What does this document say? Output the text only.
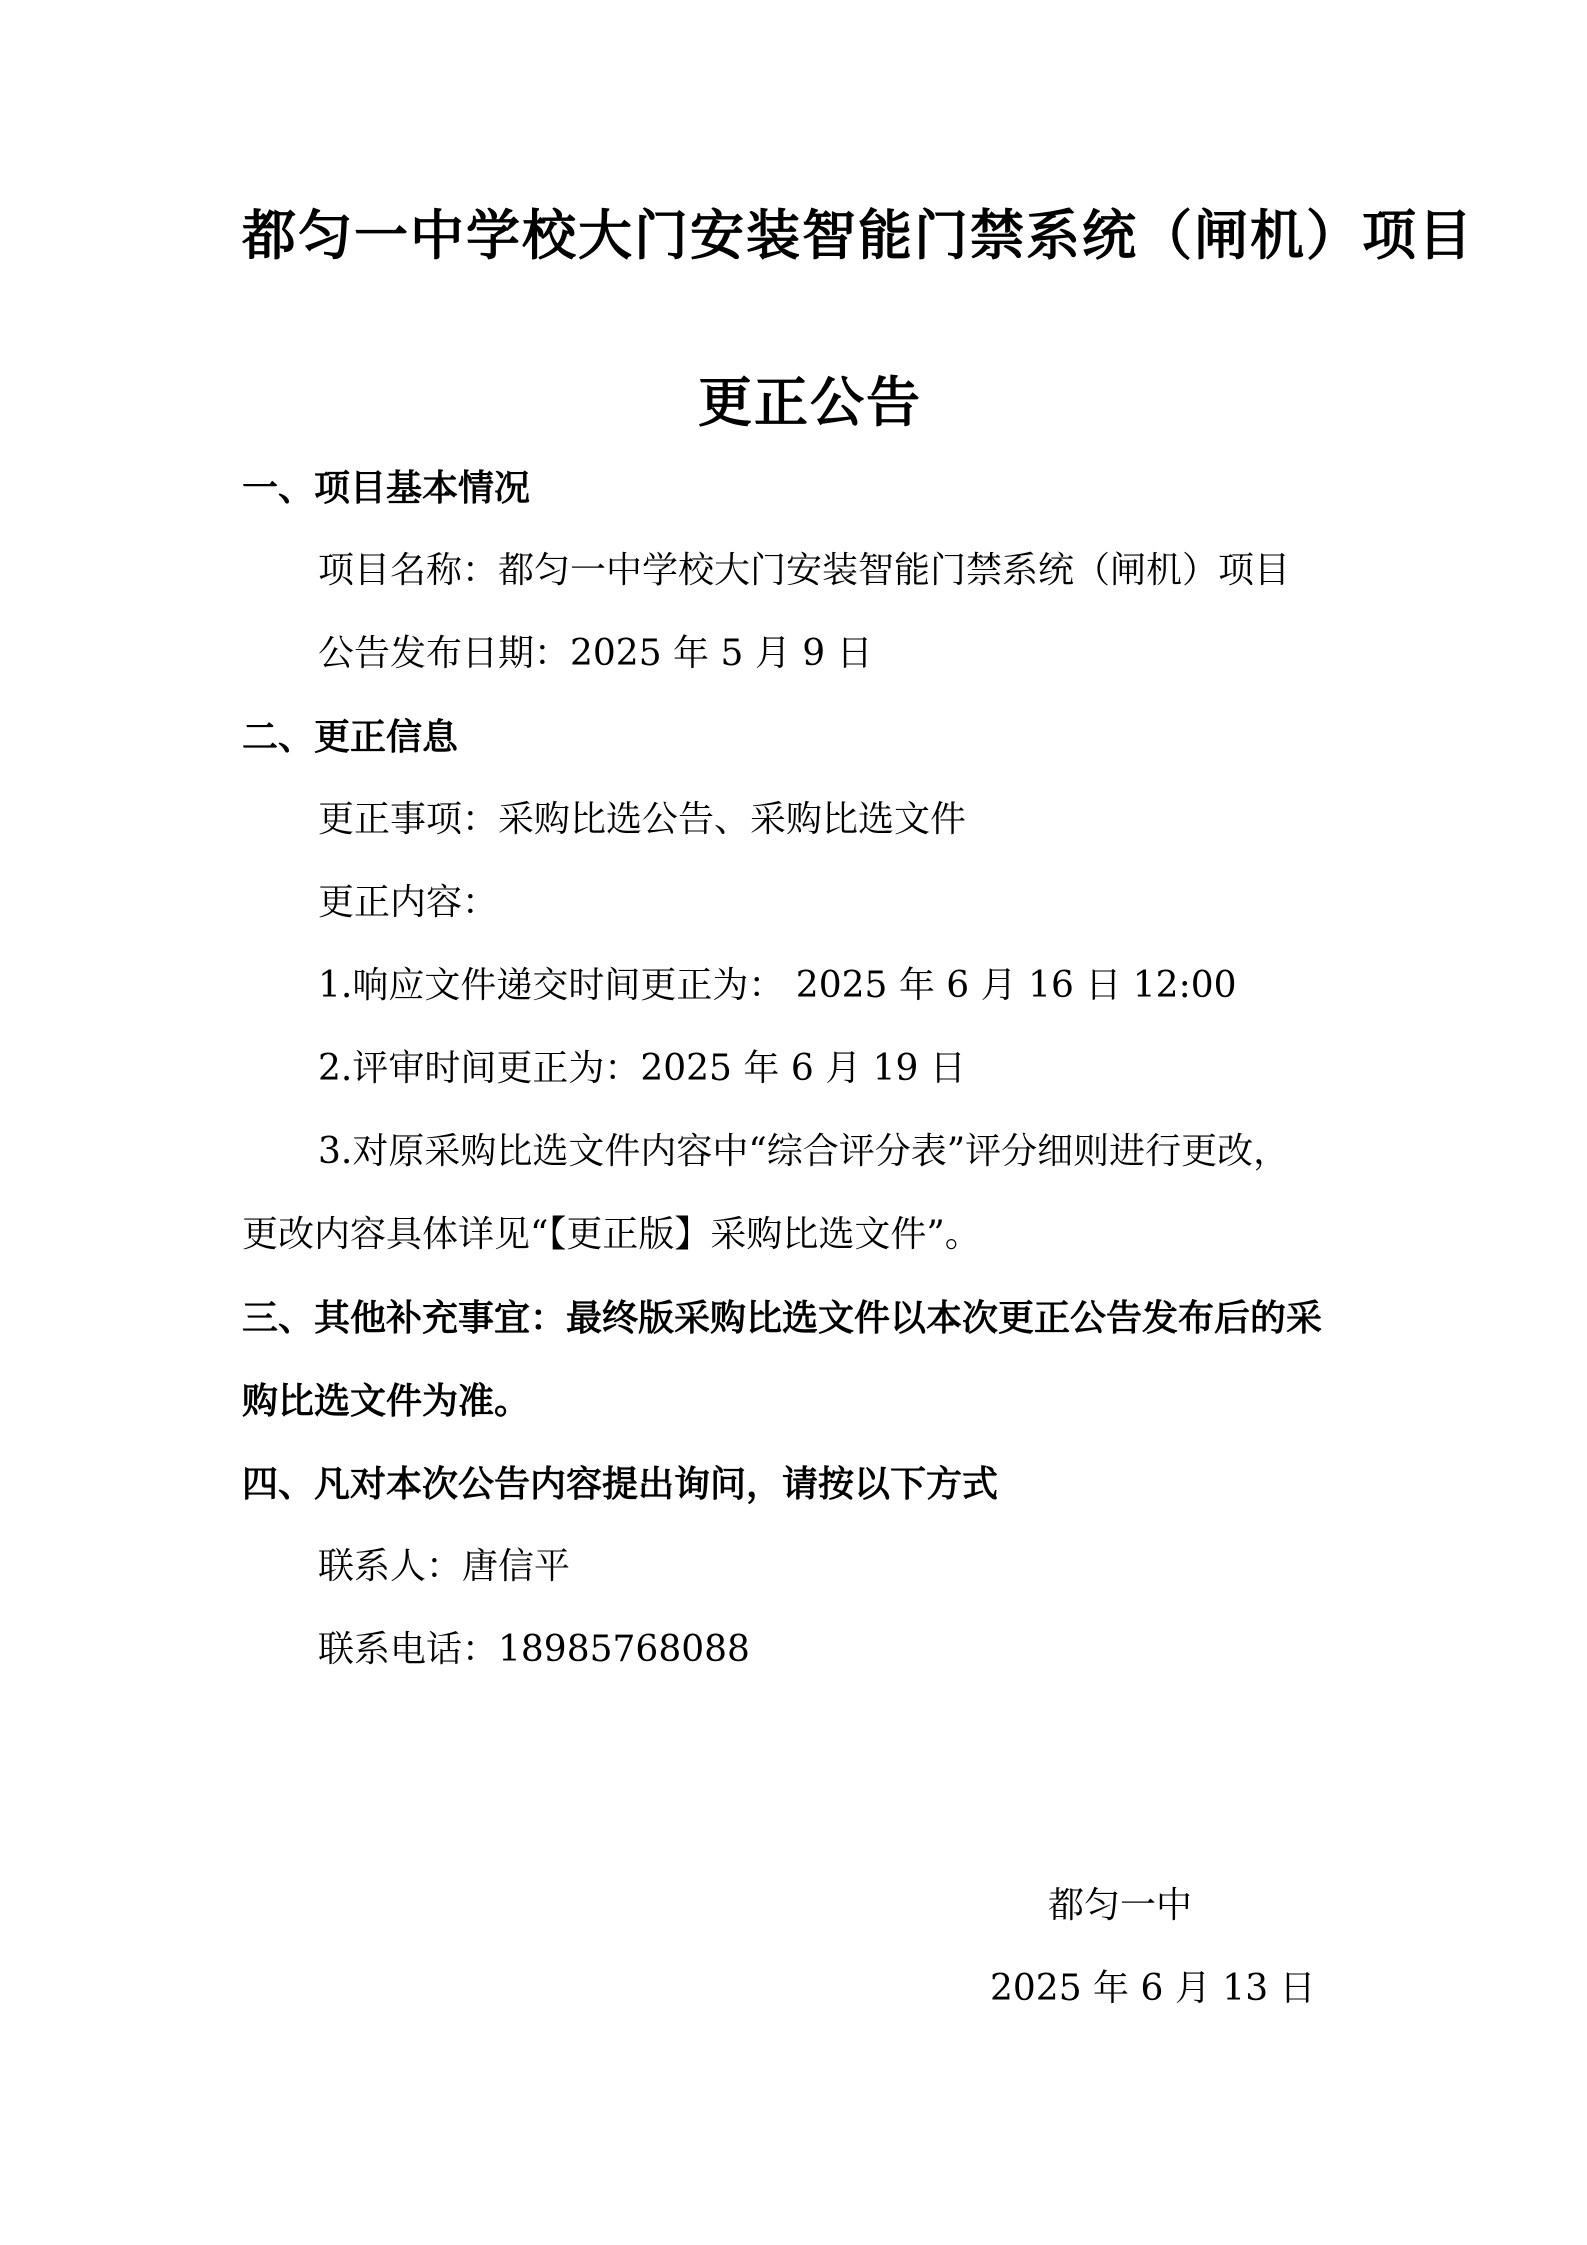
都匀一中学校大门安装智能门禁系统（闸机）项目
更正公告
一、项目基本情况
项目名称：都匀一中学校大门安装智能门禁系统（闸机）项目
公告发布日期：2025 年 5 月 9 日
二、更正信息
更正事项：采购比选公告、采购比选文件
更正内容：
1.响应文件递交时间更正为： 2025 年 6 月 16 日 12:00
2.评审时间更正为：2025 年 6 月 19 日
3.对原采购比选文件内容中“综合评分表”评分细则进行更改，
更改内容具体详见“【更正版】采购比选文件”。
三、其他补充事宜：最终版采购比选文件以本次更正公告发布后的采
购比选文件为准。
四、凡对本次公告内容提出询问，请按以下方式
联系人：唐信平
联系电话：18985768088
都匀一中
2025 年 6 月 13 日
